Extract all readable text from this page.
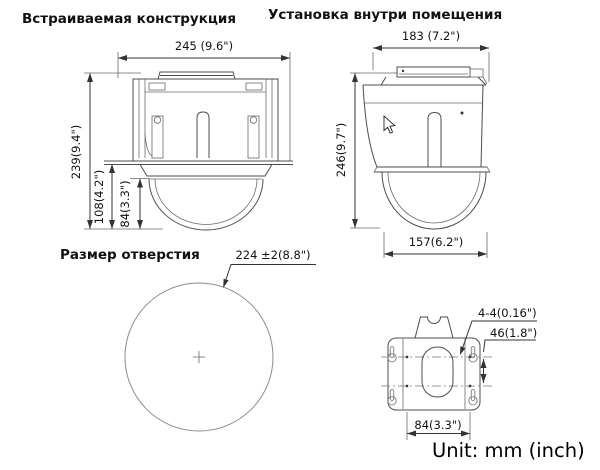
Встраиваемая конструкция
245 (9.6")
239(9.4")
108(4.2") 84(3.3")
Установка внутри помещения
183 (7.2")
246(9.7")
157(6.2")
Размер отверстия	224 ±2(8.8")
4-4(0.16")
46(1.8")
84(3.3")
Unit: mm (inch)
